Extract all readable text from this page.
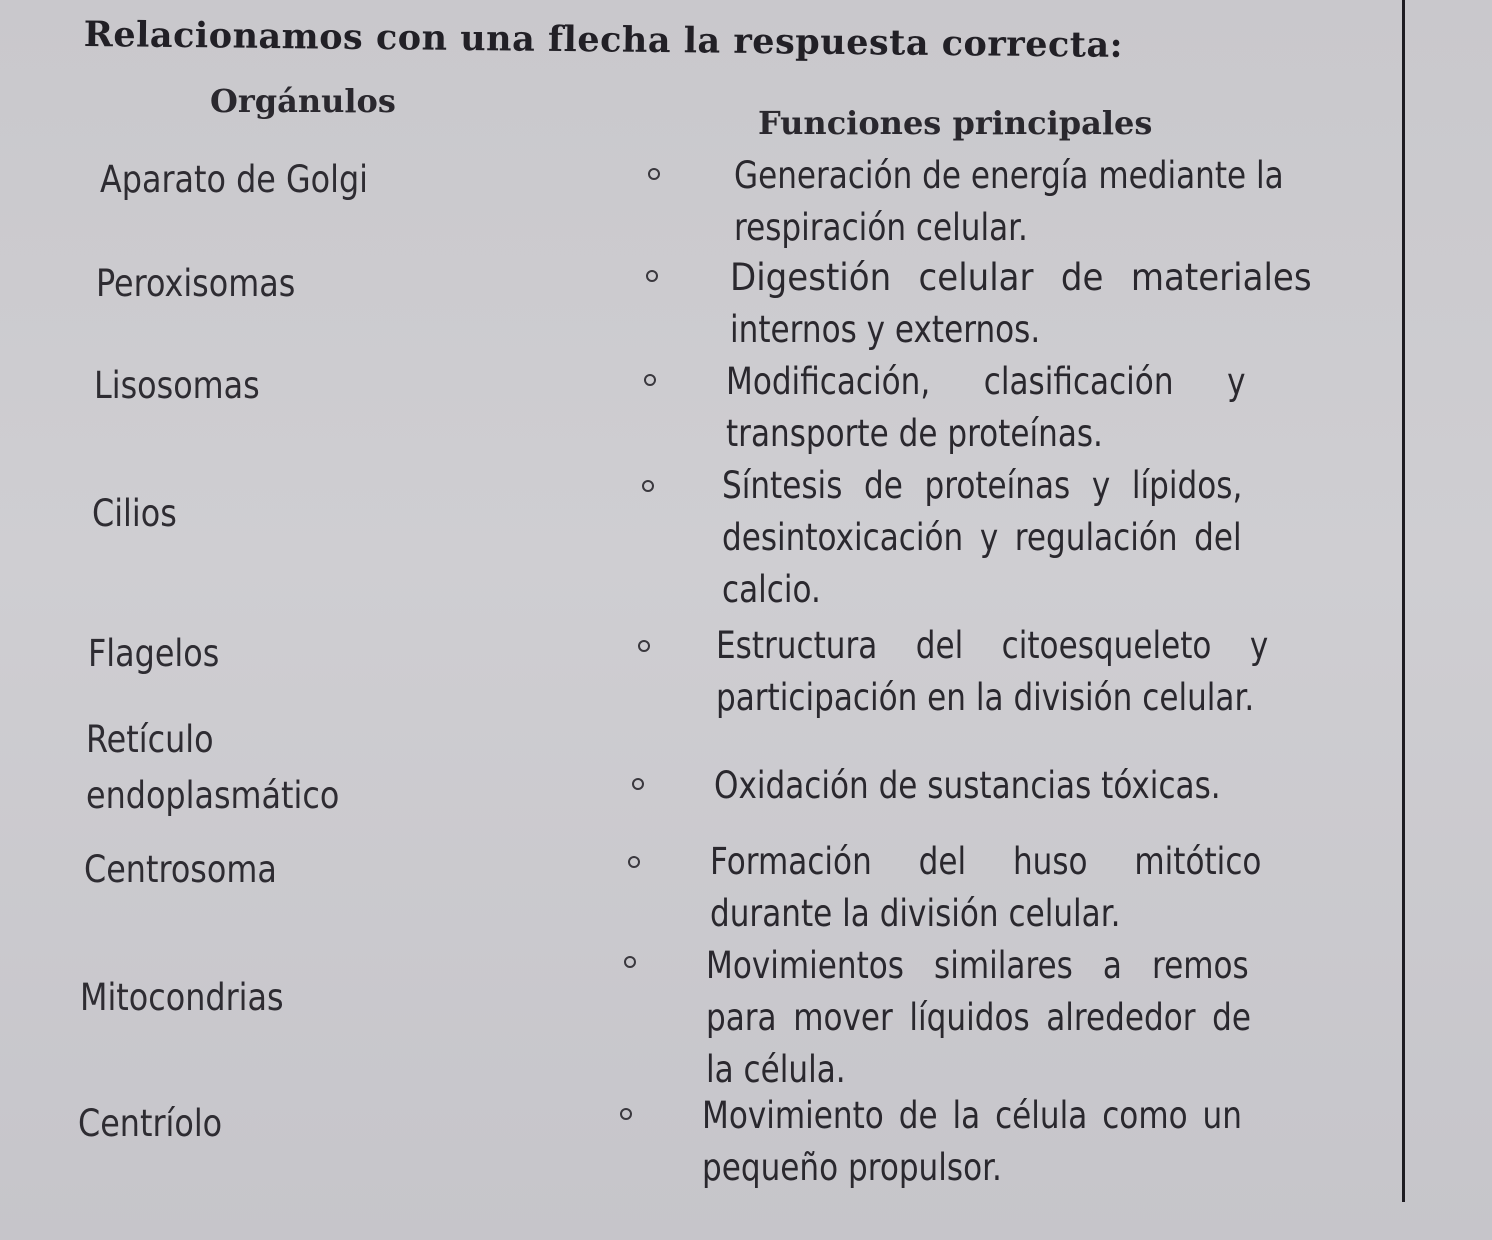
Relacionamos con una flecha la respuesta correcta:
Orgánulos
Funciones principales
Aparato de Golgi
Peroxisomas
Lisosomas
Cilios
Flagelos
Retículo
endoplasmático
Centrosoma
Mitocondrias
Centríolo
Generación de energía mediante la
respiración celular.
Digestión celular de materiales
internos y externos.
Modificación, clasificación y
transporte de proteínas.
Síntesis de proteínas y lípidos,
desintoxicación y regulación del
calcio.
Estructura del citoesqueleto y
participación en la división celular.
Oxidación de sustancias tóxicas.
Formación del huso mitótico
durante la división celular.
Movimientos similares a remos
para mover líquidos alrededor de
la célula.
Movimiento de la célula como un
pequeño propulsor.
